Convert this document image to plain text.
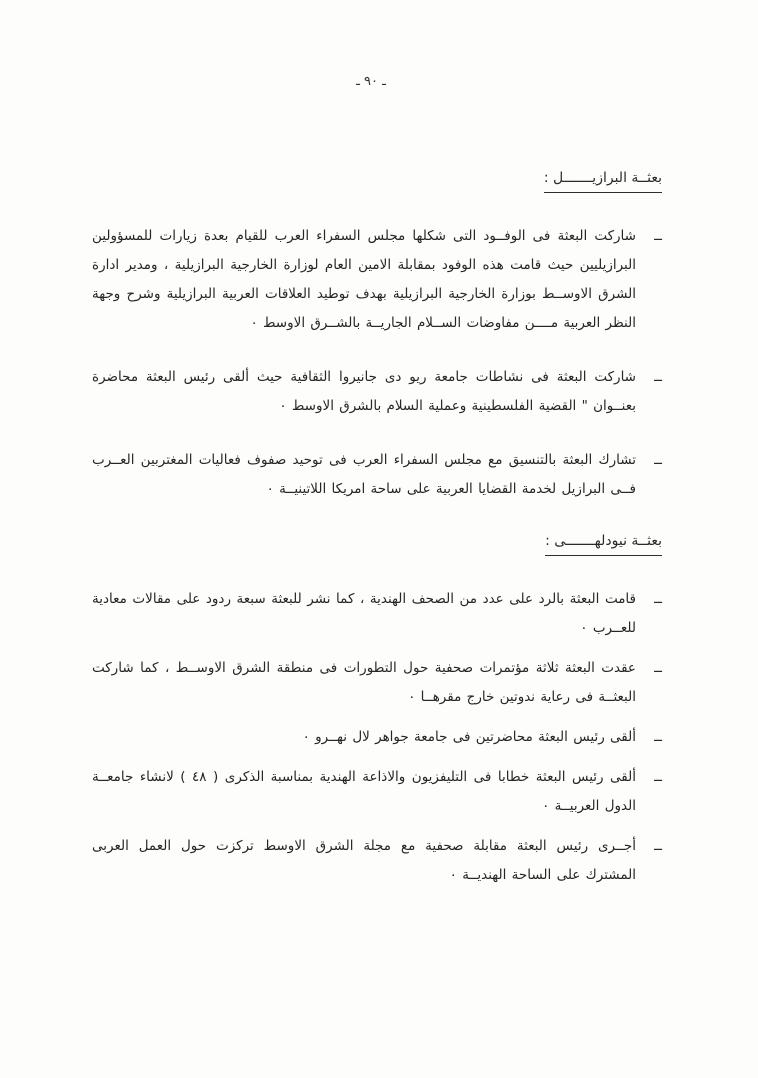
ـ ٩٠ ـ
بعثــة البرازيـــــــل :
ــ

شاركت البعثة فى الوفــود التى شكلها مجلس السفراء العرب للقيام بعدة زيارات للمسؤولين البرازيليين حيث قامت هذه الوفود بمقابلة الامين العام لوزارة الخارجية البرازيلية ، ومدير ادارة الشرق الاوســط بوزارة الخارجية البرازيلية بهدف توطيد العلاقات العربية البرازيلية وشرح وجهة النظر العربية مــــن مفاوضات الســلام الجاريــة بالشــرق الاوسط ٠

ــ

شاركت البعثة فى نشاطات جامعة ريو دى جانيروا الثقافية حيث ألقى رئيس البعثة محاضرة بعنــوان " القضية الفلسطينية وعملية السلام بالشرق الاوسط ٠

ــ

تشارك البعثة بالتنسيق مع مجلس السفراء العرب فى توحيد صفوف فعاليات المغتربين العــرب فــى البرازيل لخدمة القضايا العربية على ساحة امريكا اللاتينيــة ٠

بعثــة نيودلهـــــــى :
ــ

قامت البعثة بالرد على عدد من الصحف الهندية ، كما نشر للبعثة سبعة ردود على مقالات معادية للعــرب ٠

ــ

عقدت البعثة ثلاثة مؤتمرات صحفية حول التطورات فى منطقة الشرق الاوســط ، كما شاركت البعثــة فى رعاية ندوتين خارج مقرهــا ٠

ــ

ألقى رئيس البعثة محاضرتين فى جامعة جواهر لال نهــرو ٠

ــ

ألقى رئيس البعثة خطابا فى التليفزيون والاذاعة الهندية بمناسبة الذكرى ( ٤٨ ) لانشاء جامعــة الدول العربيــة ٠

ــ

أجــرى رئيس البعثة مقابلة صحفية مع مجلة الشرق الاوسط تركزت حول العمل العربى المشترك على الساحة الهنديــة ٠
